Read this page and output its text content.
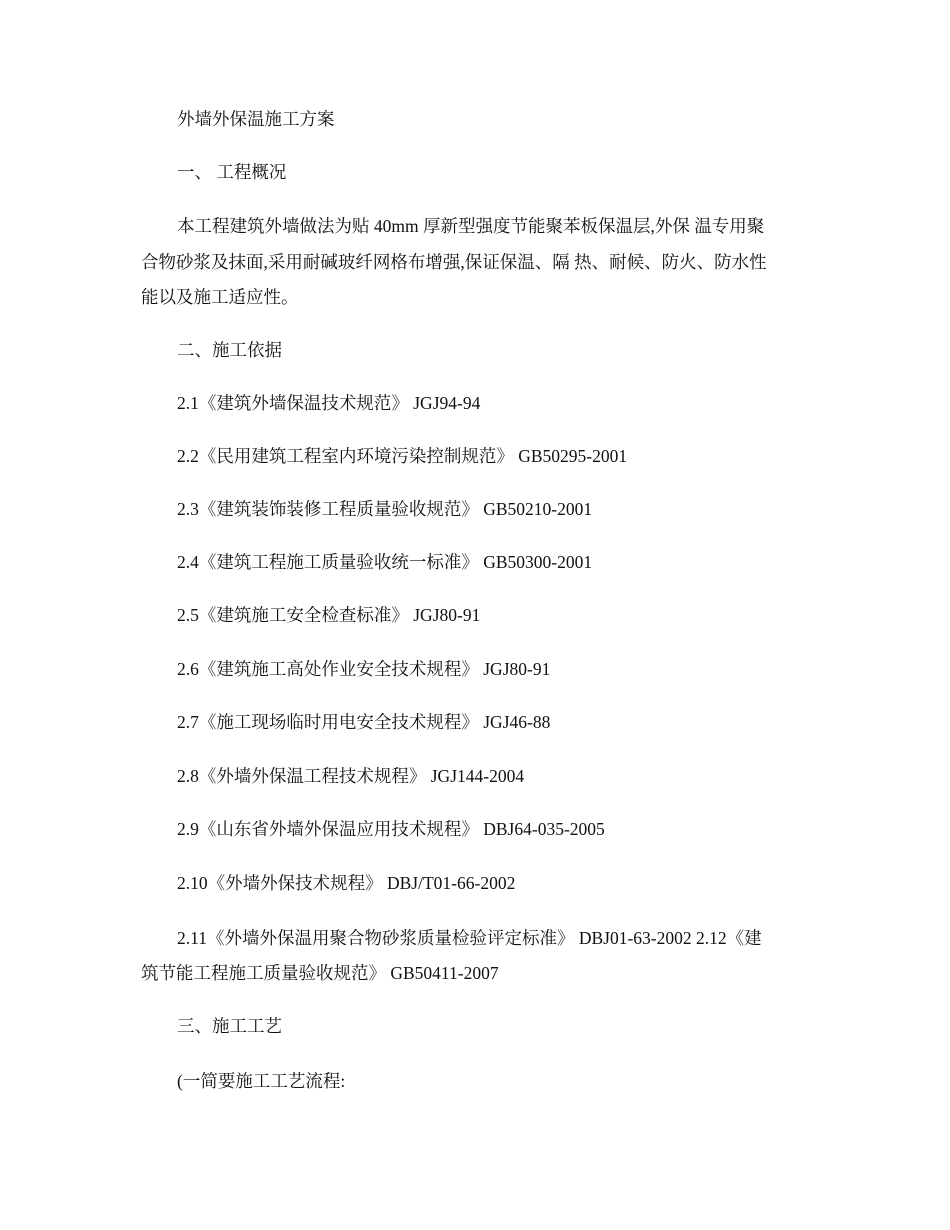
外墙外保温施工方案

一、 工程概况

本工程建筑外墙做法为贴 40mm 厚新型强度节能聚苯板保温层,外保 温专用聚

合物砂浆及抹面,采用耐碱玻纤网格布增强,保证保温、隔 热、耐候、防火、防水性

能以及施工适应性。

二、施工依据

2.1《建筑外墙保温技术规范》 JGJ94-94

2.2《民用建筑工程室内环境污染控制规范》 GB50295-2001

2.3《建筑装饰装修工程质量验收规范》 GB50210-2001

2.4《建筑工程施工质量验收统一标准》 GB50300-2001

2.5《建筑施工安全检查标准》 JGJ80-91

2.6《建筑施工高处作业安全技术规程》 JGJ80-91

2.7《施工现场临时用电安全技术规程》 JGJ46-88

2.8《外墙外保温工程技术规程》 JGJ144-2004

2.9《山东省外墙外保温应用技术规程》 DBJ64-035-2005

2.10《外墙外保技术规程》 DBJ/T01-66-2002

2.11《外墙外保温用聚合物砂浆质量检验评定标准》 DBJ01-63-2002 2.12《建

筑节能工程施工质量验收规范》 GB50411-2007

三、施工工艺

(一简要施工工艺流程:
